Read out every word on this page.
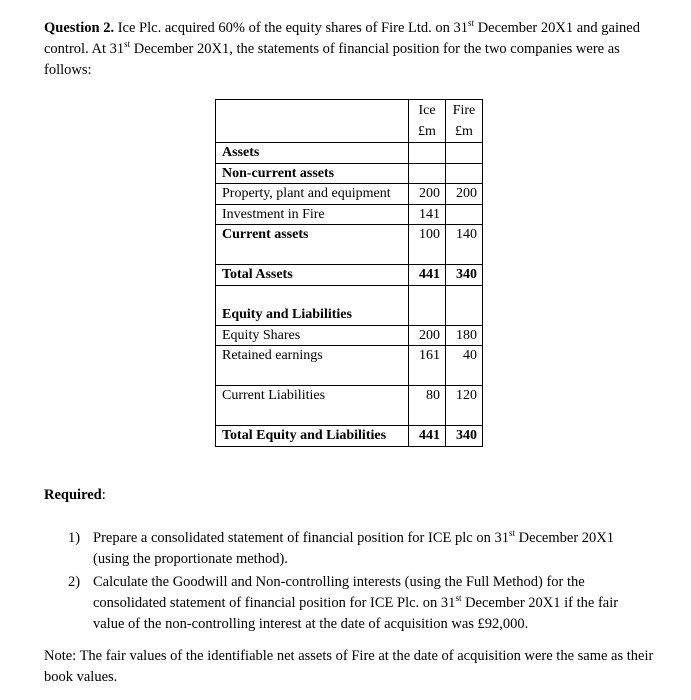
Question 2. Ice Plc. acquired 60% of the equity shares of Fire Ltd. on 31st December 20X1 and gained control. At 31st December 20X1, the statements of financial position for the two companies were as follows:
	Ice	Fire
	£m	£m
Assets		
Non-current assets		
Property, plant and equipment	200	200
Investment in Fire	141	
Current assets	100	140

Total Assets	441	340

Equity and Liabilities		
Equity Shares	200	180
Retained earnings	161	40

Current Liabilities	80	120

Total Equity and Liabilities	441	340
Required:
1) Prepare a consolidated statement of financial position for ICE plc on 31st December 20X1 (using the proportionate method).
2) Calculate the Goodwill and Non-controlling interests (using the Full Method) for the consolidated statement of financial position for ICE Plc. on 31st December 20X1 if the fair value of the non-controlling interest at the date of acquisition was £92,000.
Note: The fair values of the identifiable net assets of Fire at the date of acquisition were the same as their book values.
